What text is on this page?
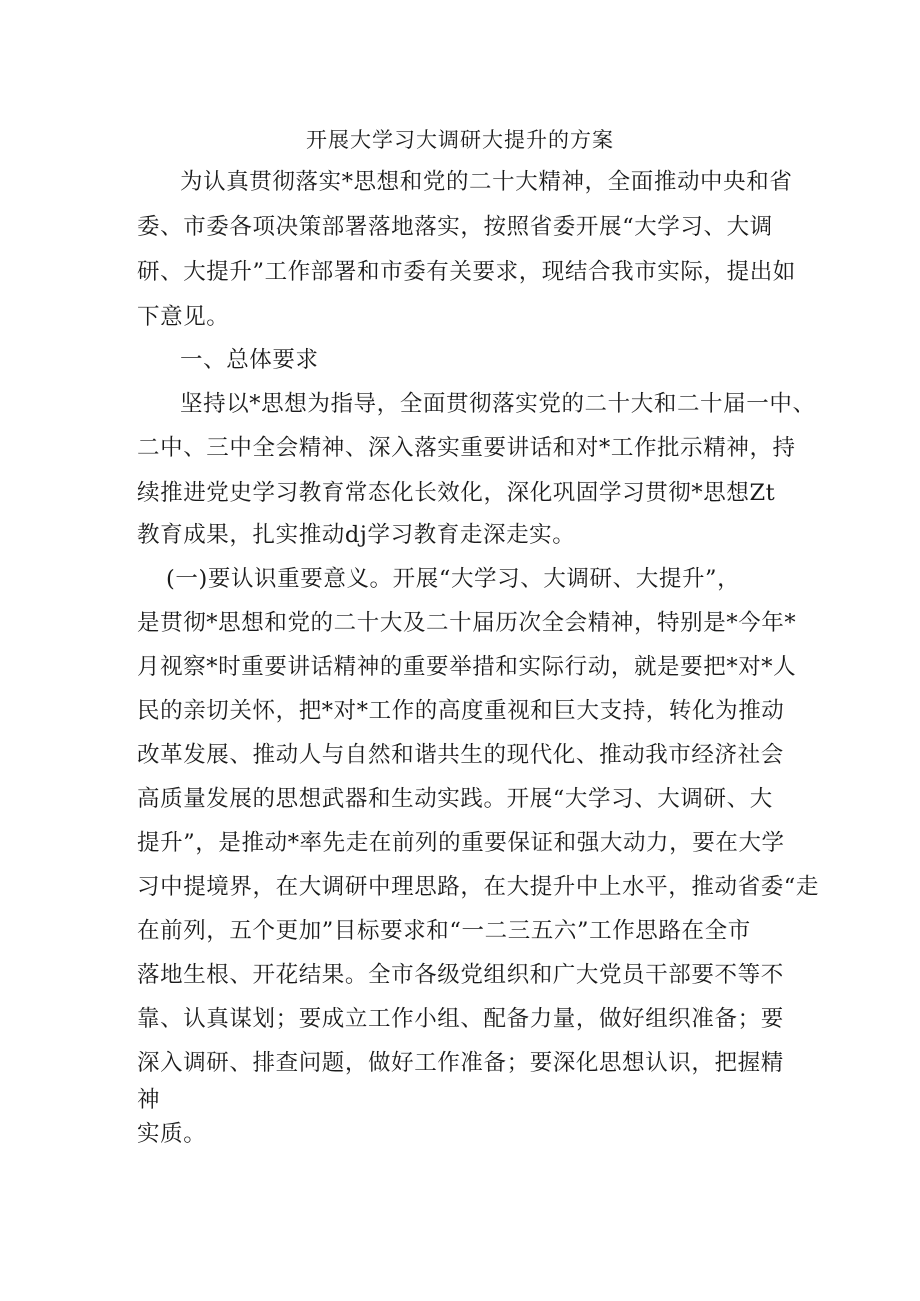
开展大学习大调研大提升的方案
为认真贯彻落实*思想和党的二十大精神，全面推动中央和省
委、市委各项决策部署落地落实，按照省委开展“大学习、大调
研、大提升”工作部署和市委有关要求，现结合我市实际，提出如
下意见。
一、总体要求
坚持以*思想为指导，全面贯彻落实党的二十大和二十届一中、
二中、三中全会精神、深入落实重要讲话和对*工作批示精神，持
续推进党史学习教育常态化长效化，深化巩固学习贯彻*思想Zt
教育成果，扎实推动dj学习教育走深走实。
(一)要认识重要意义。开展“大学习、大调研、大提升”，
是贯彻*思想和党的二十大及二十届历次全会精神，特别是*今年*
月视察*时重要讲话精神的重要举措和实际行动，就是要把*对*人
民的亲切关怀，把*对*工作的高度重视和巨大支持，转化为推动
改革发展、推动人与自然和谐共生的现代化、推动我市经济社会
高质量发展的思想武器和生动实践。开展“大学习、大调研、大
提升”，是推动*率先走在前列的重要保证和强大动力，要在大学
习中提境界，在大调研中理思路，在大提升中上水平，推动省委“走
在前列，五个更加”目标要求和“一二三五六”工作思路在全市
落地生根、开花结果。全市各级党组织和广大党员干部要不等不
靠、认真谋划；要成立工作小组、配备力量，做好组织准备；要
深入调研、排查问题，做好工作准备；要深化思想认识，把握精
神
实质。
